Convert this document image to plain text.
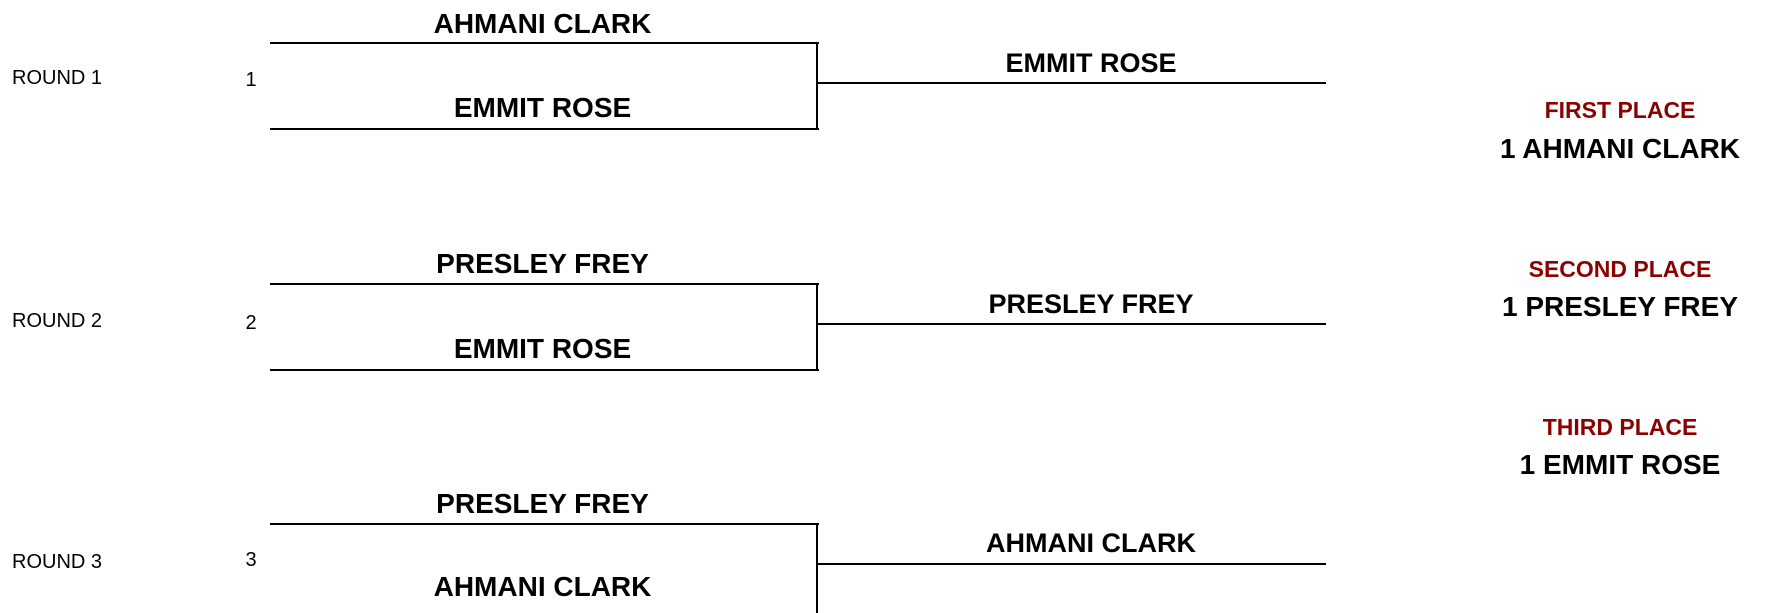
ROUND 1	1
AHMANI CLARK
EMMIT ROSE
EMMIT ROSE
ROUND 2	2
PRESLEY FREY
EMMIT ROSE
PRESLEY FREY
ROUND 3	3
PRESLEY FREY
AHMANI CLARK
AHMANI CLARK
FIRST PLACE
1 AHMANI CLARK
SECOND PLACE
1 PRESLEY FREY
THIRD PLACE
1 EMMIT ROSE
